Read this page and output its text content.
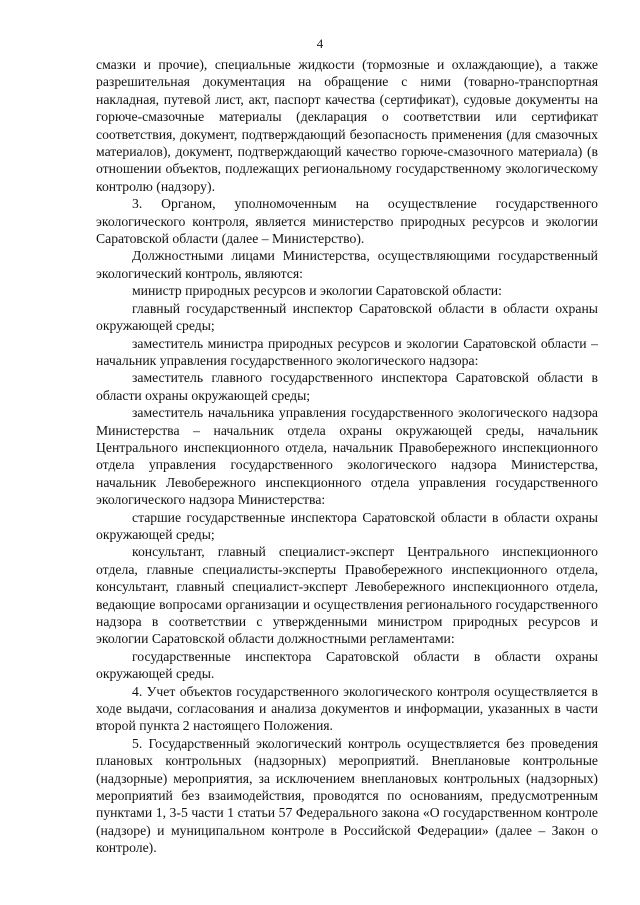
4

смазки и прочие), специальные жидкости (тормозные и охлаждающие), а также разрешительная документация на обращение с ними (товарно-транспортная накладная, путевой лист, акт, паспорт качества (сертификат), судовые документы на горюче-смазочные материалы (декларация о соответствии или сертификат соответствия, документ, подтверждающий безопасность применения (для смазочных материалов), документ, подтверждающий качество горюче-смазочного материала) (в отношении объектов, подлежащих региональному государственному экологическому контролю (надзору).

3. Органом, уполномоченным на осуществление государственного экологического контроля, является министерство природных ресурсов и экологии Саратовской области (далее – Министерство).

Должностными лицами Министерства, осуществляющими государственный экологический контроль, являются:

министр природных ресурсов и экологии Саратовской области:

главный государственный инспектор Саратовской области в области охраны окружающей среды;

заместитель министра природных ресурсов и экологии Саратовской области – начальник управления государственного экологического надзора:

заместитель главного государственного инспектора Саратовской области в области охраны окружающей среды;

заместитель начальника управления государственного экологического надзора Министерства – начальник отдела охраны окружающей среды, начальник Центрального инспекционного отдела, начальник Правобережного инспекционного отдела управления государственного экологического надзора Министерства, начальник Левобережного инспекционного отдела управления государственного экологического надзора Министерства:

старшие государственные инспектора Саратовской области в области охраны окружающей среды;

консультант, главный специалист-эксперт Центрального инспекционного отдела, главные специалисты-эксперты Правобережного инспекционного отдела, консультант, главный специалист-эксперт Левобережного инспекционного отдела, ведающие вопросами организации и осуществления регионального государственного надзора в соответствии с утвержденными министром природных ресурсов и экологии Саратовской области должностными регламентами:

государственные инспектора Саратовской области в области охраны окружающей среды.

4. Учет объектов государственного экологического контроля осуществляется в ходе выдачи, согласования и анализа документов и информации, указанных в части второй пункта 2 настоящего Положения.

5. Государственный экологический контроль осуществляется без проведения плановых контрольных (надзорных) мероприятий. Внеплановые контрольные (надзорные) мероприятия, за исключением внеплановых контрольных (надзорных) мероприятий без взаимодействия, проводятся по основаниям, предусмотренным пунктами 1, 3-5 части 1 статьи 57 Федерального закона «О государственном контроле (надзоре) и муниципальном контроле в Российской Федерации» (далее – Закон о контроле).
